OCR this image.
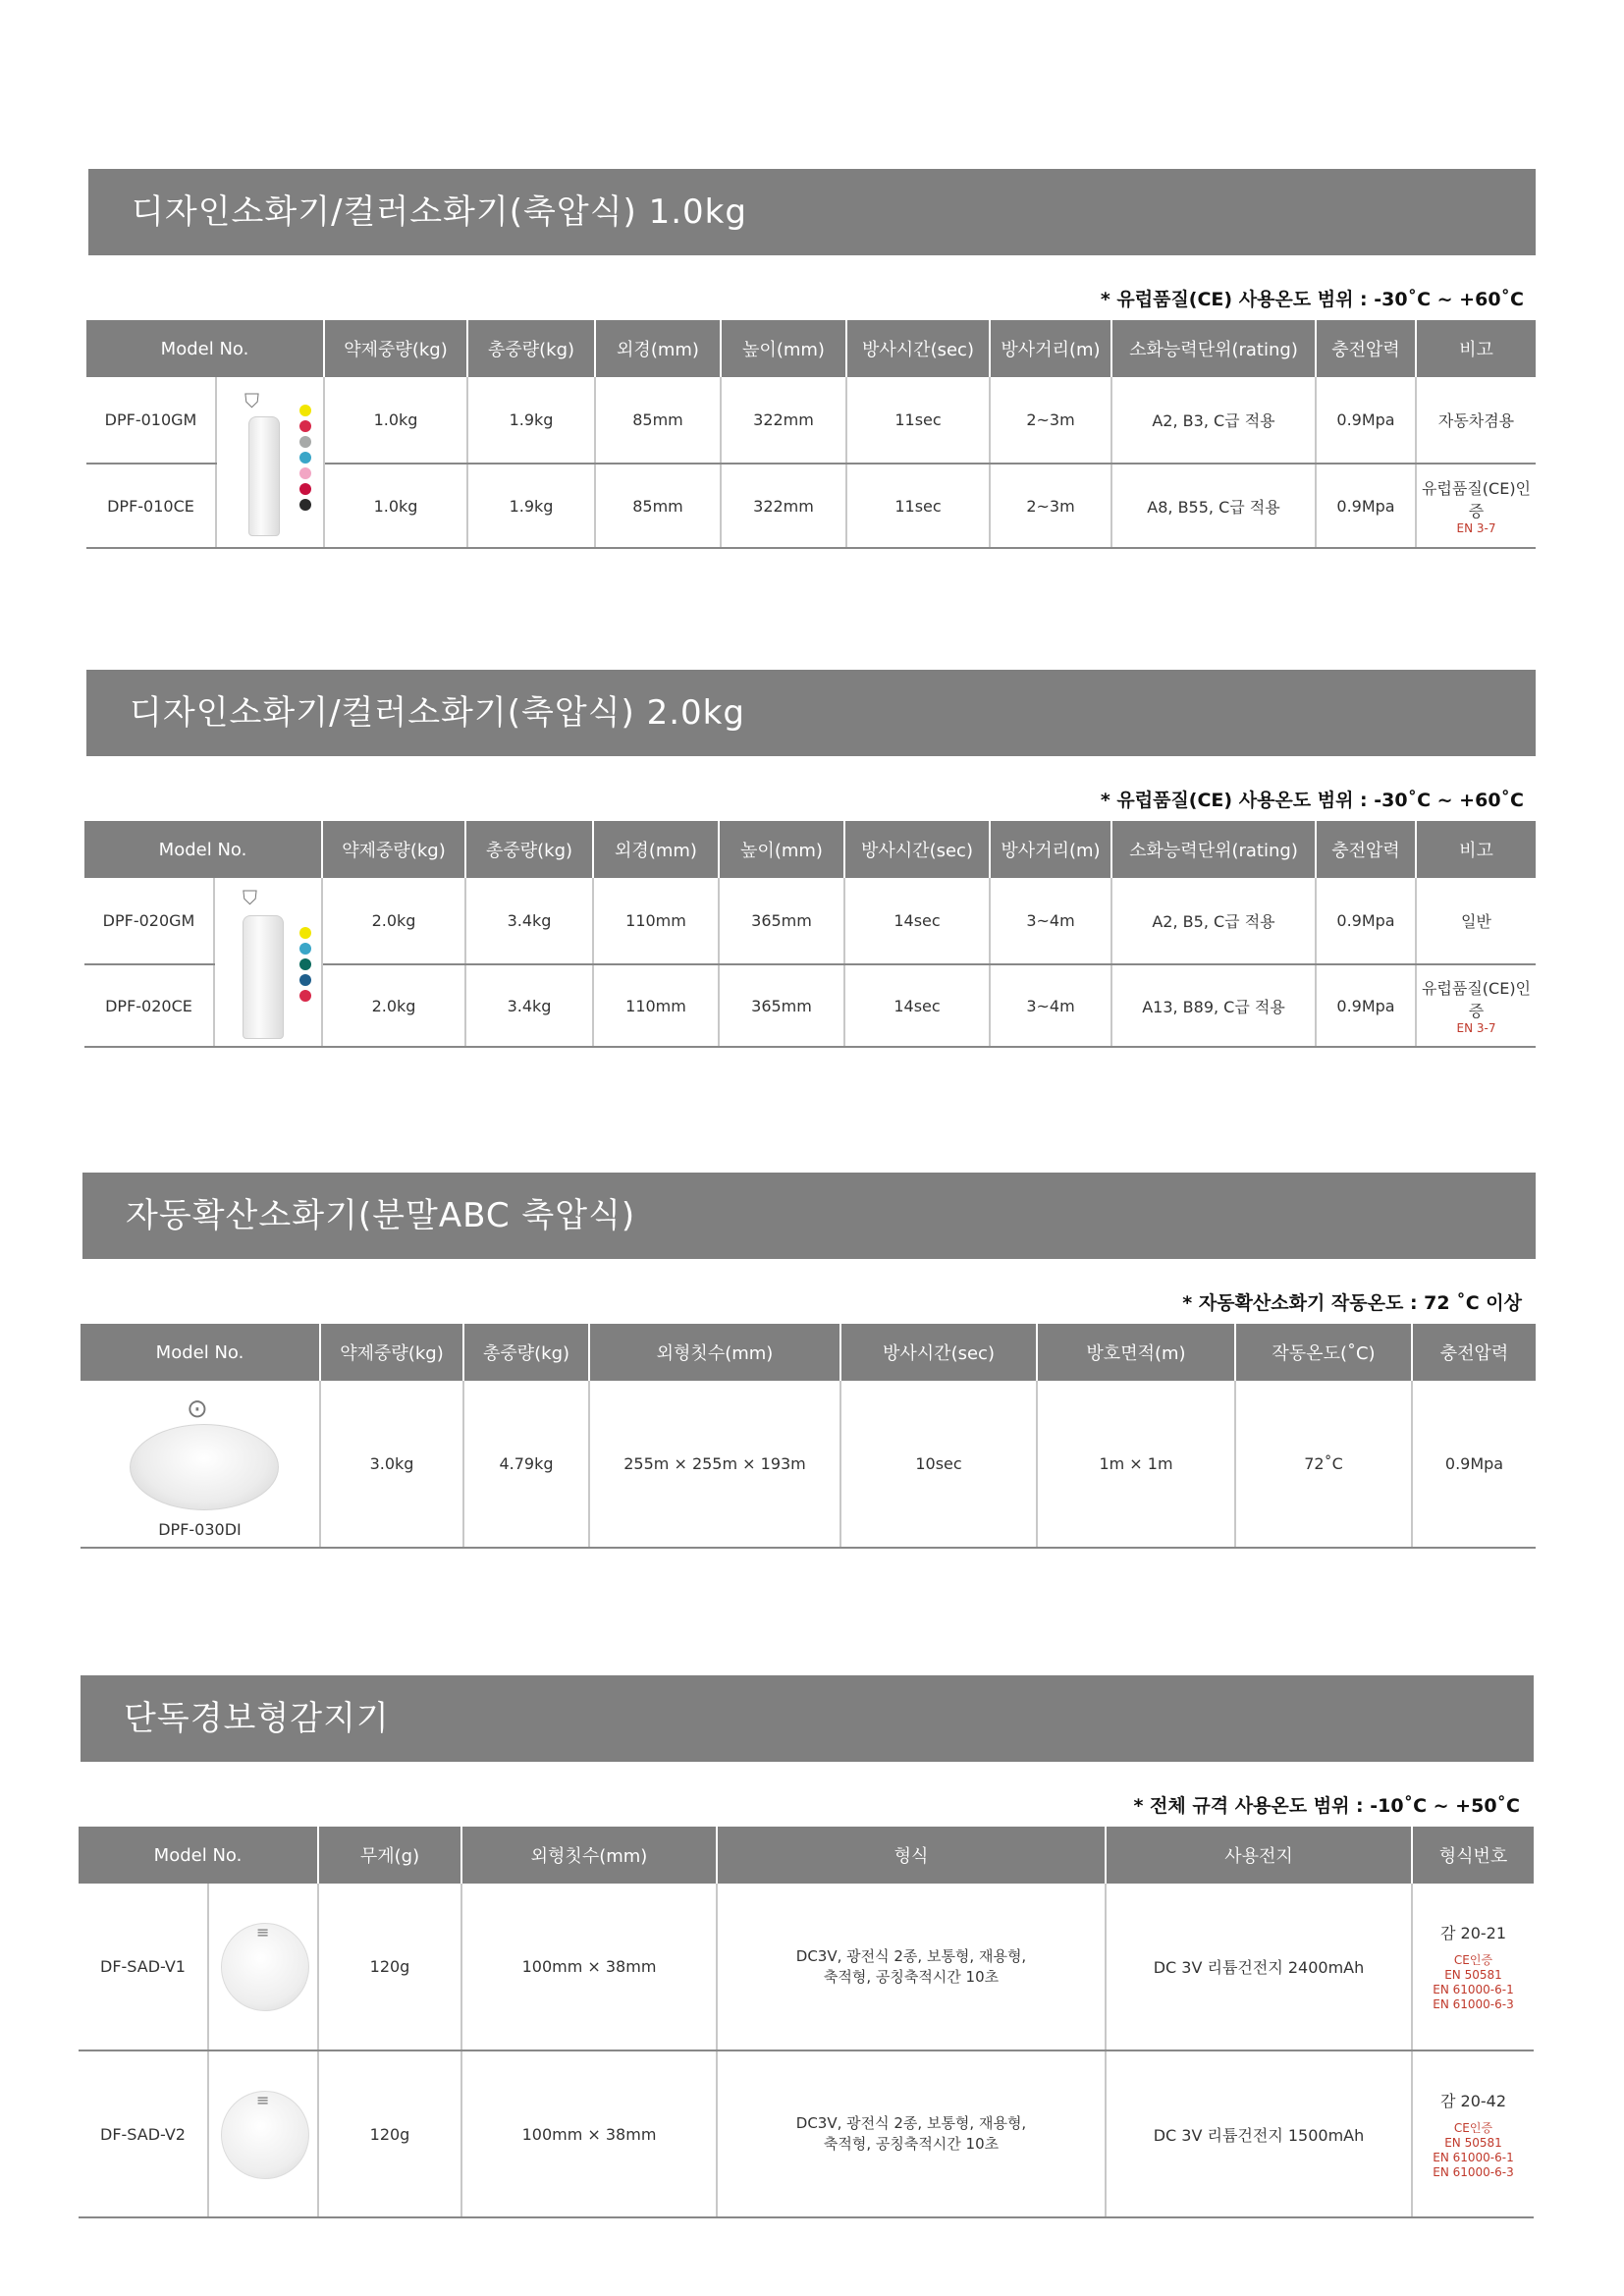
디자인소화기/컬러소화기(축압식) 1.0kg
* 유럽품질(CE) 사용온도 범위 : -30˚C ~ +60˚C
Model No.		약제중량(kg)	총중량(kg)	외경(mm)	높이(mm)	방사시간(sec)	방사거리(m)	소화능력단위(rating)	충전압력	비고
DPF-010GM	⛉	1.0kg	1.9kg	85mm	322mm	11sec	2~3m	A2, B3, C급 적용	0.9Mpa	자동차겸용
DPF-010CE		1.0kg	1.9kg	85mm	322mm	11sec	2~3m	A8, B55, C급 적용	0.9Mpa	유럽품질(CE)인증
EN 3-7
디자인소화기/컬러소화기(축압식) 2.0kg
* 유럽품질(CE) 사용온도 범위 : -30˚C ~ +60˚C
Model No.		약제중량(kg)	총중량(kg)	외경(mm)	높이(mm)	방사시간(sec)	방사거리(m)	소화능력단위(rating)	충전압력	비고
DPF-020GM	⛉	2.0kg	3.4kg	110mm	365mm	14sec	3~4m	A2, B5, C급 적용	0.9Mpa	일반
DPF-020CE		2.0kg	3.4kg	110mm	365mm	14sec	3~4m	A13, B89, C급 적용	0.9Mpa	유럽품질(CE)인증
EN 3-7
자동확산소화기(분말ABC 축압식)
* 자동확산소화기 작동온도 : 72 ˚C 이상
Model No.	약제중량(kg)	총중량(kg)	외형칫수(mm)	방사시간(sec)	방호면적(m)	작동온도(˚C)	충전압력

⊙
DPF-030DI	3.0kg	4.79kg	255m × 255m × 193m	10sec	1m × 1m	72˚C	0.9Mpa
단독경보형감지기
* 전체 규격 사용온도 범위 : -10˚C ~ +50˚C
Model No.		무게(g)	외형칫수(mm)	형식	사용전지	형식번호
DF-SAD-V1	≡	120g	100mm × 38mm	DC3V, 광전식 2종, 보통형, 재용형,
축적형, 공칭축적시간 10초	DC 3V 리튬건전지 2400mAh	감 20-21
CE인증
EN 50581
EN 61000-6-1
EN 61000-6-3

DF-SAD-V2	≡	120g	100mm × 38mm	DC3V, 광전식 2종, 보통형, 재용형,
축적형, 공칭축적시간 10초	DC 3V 리튬건전지 1500mAh	감 20-42
CE인증
EN 50581
EN 61000-6-1
EN 61000-6-3
